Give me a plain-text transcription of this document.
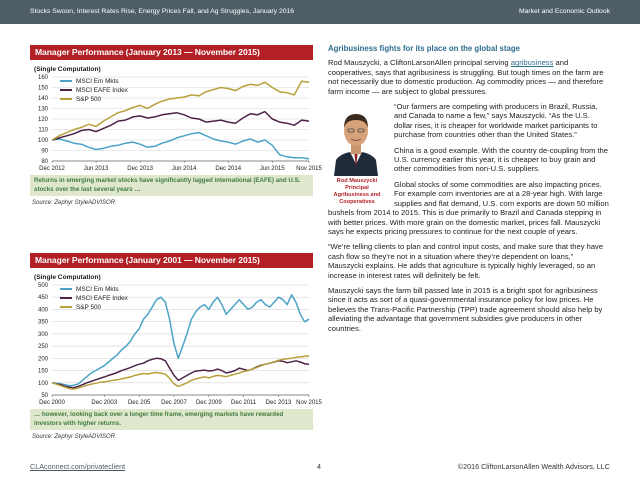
Stocks Swoon, Interest Rates Rise, Energy Prices Fall, and Ag Struggles, January 2016	Market and Economic Outlook
Manager Performance (January 2013 — November 2015)
(Single Computation)
80
90
100
110
120
130
140
150
160
Dec 2012	Jun 2013	Dec 2013	Jun 2014	Dec 2014	Jun 2015 Nov 2015
MSCI Em Mkts
MSCI EAFE Index
S&P 500
Returns in emerging market stocks have significantly lagged international (EAFE) and U.S. stocks over the last several years …
Source: Zephyr StyleADVISOR
Manager Performance (January 2001 — November 2015)
(Single Computation)
50
100
150
200
250
300
350
400
450
500
Dec 2000	Dec 2003 Dec 205 Dec 2007 Dec 2009 Dec 2011 Dec 2013 Nov 2015
MSCI Em Mkts
MSCI EAFE Index
S&P 500
… however, looking back over a longer time frame, emerging markets have rewarded investors with higher returns.
Source: Zephyr StyleADVISOR
Agribusiness fights for its place on the global stage

Rod Mauszycki, a CliftonLarsonAllen principal serving agribusiness and cooperatives, says that agribusiness is struggling. But tough times on the farm are not necessarily due to domestic production. Ag commodity prices — and therefore farm income — are subject to global pressures.

Rod Mauszycki Principal Agribusiness and Cooperatives

“Our farmers are competing with producers in Brazil, Russia, and Canada to name a few,” says Mauszycki. “As the U.S. dollar rises, it is cheaper for worldwide market participants to purchase from countries other than the United States.”

China is a good example. With the country de-coupling from the U.S. currency earlier this year, it is cheaper to buy grain and other commodities from non-U.S. suppliers.

Global stocks of some commodities are also impacting prices. For example corn inventories are at a 28-year high. With large supplies and flat demand, U.S. corn exports are down 50 million bushels from 2014 to 2015. This is due primarily to Brazil and Canada stepping in with better prices. With more grain on the domestic market, prices fall. Mauszycki says he expects pricing pressures to continue for the next couple of years.

“We’re telling clients to plan and control input costs, and make sure that they have cash flow so they’re not in a situation where they’re dependent on loans,” Mauszycki explains. He adds that agriculture is typically highly leveraged, so an increase in interest rates will definitely be felt.

Mauszycki says the farm bill passed late in 2015 is a bright spot for agribusiness since it acts as sort of a quasi-governmental insurance policy for low prices. He believes the Trans-Pacific Partnership (TPP) trade agreement should also help by alleviating the advantage that government subsidies give producers in other countries.

CLAconnect.com/privateclient	4	©2016 CliftonLarsonAllen Wealth Advisors, LLC
